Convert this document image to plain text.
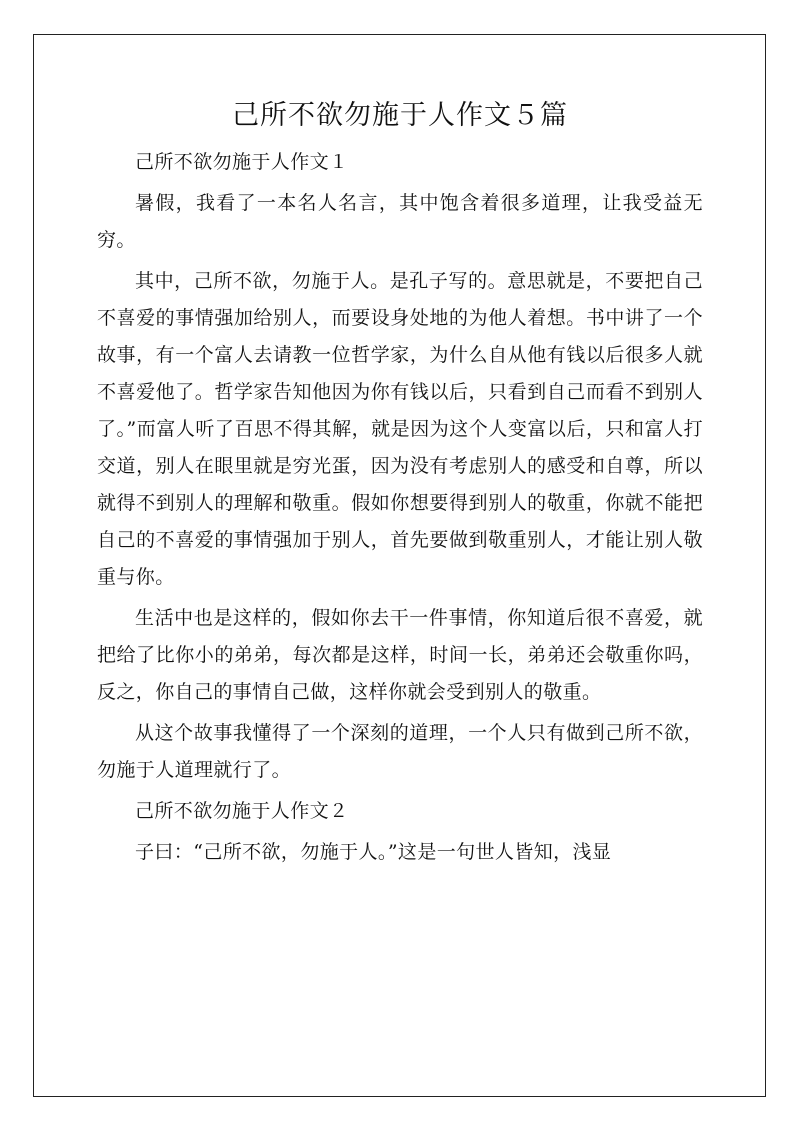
己所不欲勿施于人作文５篇

己所不欲勿施于人作文１

暑假，我看了一本名人名言，其中饱含着很多道理，让我受益无穷。

其中，己所不欲，勿施于人。是孔子写的。意思就是，不要把自己不喜爱的事情强加给别人，而要设身处地的为他人着想。书中讲了一个故事，有一个富人去请教一位哲学家，为什么自从他有钱以后很多人就不喜爱他了。哲学家告知他因为你有钱以后，只看到自己而看不到别人了。”而富人听了百思不得其解，就是因为这个人变富以后，只和富人打交道，别人在眼里就是穷光蛋，因为没有考虑别人的感受和自尊，所以就得不到别人的理解和敬重。假如你想要得到别人的敬重，你就不能把自己的不喜爱的事情强加于别人，首先要做到敬重别人，才能让别人敬重与你。

生活中也是这样的，假如你去干一件事情，你知道后很不喜爱，就把给了比你小的弟弟，每次都是这样，时间一长，弟弟还会敬重你吗，反之，你自己的事情自己做，这样你就会受到别人的敬重。

从这个故事我懂得了一个深刻的道理，一个人只有做到己所不欲，勿施于人道理就行了。

己所不欲勿施于人作文２

子曰：“己所不欲，勿施于人。”这是一句世人皆知，浅显
